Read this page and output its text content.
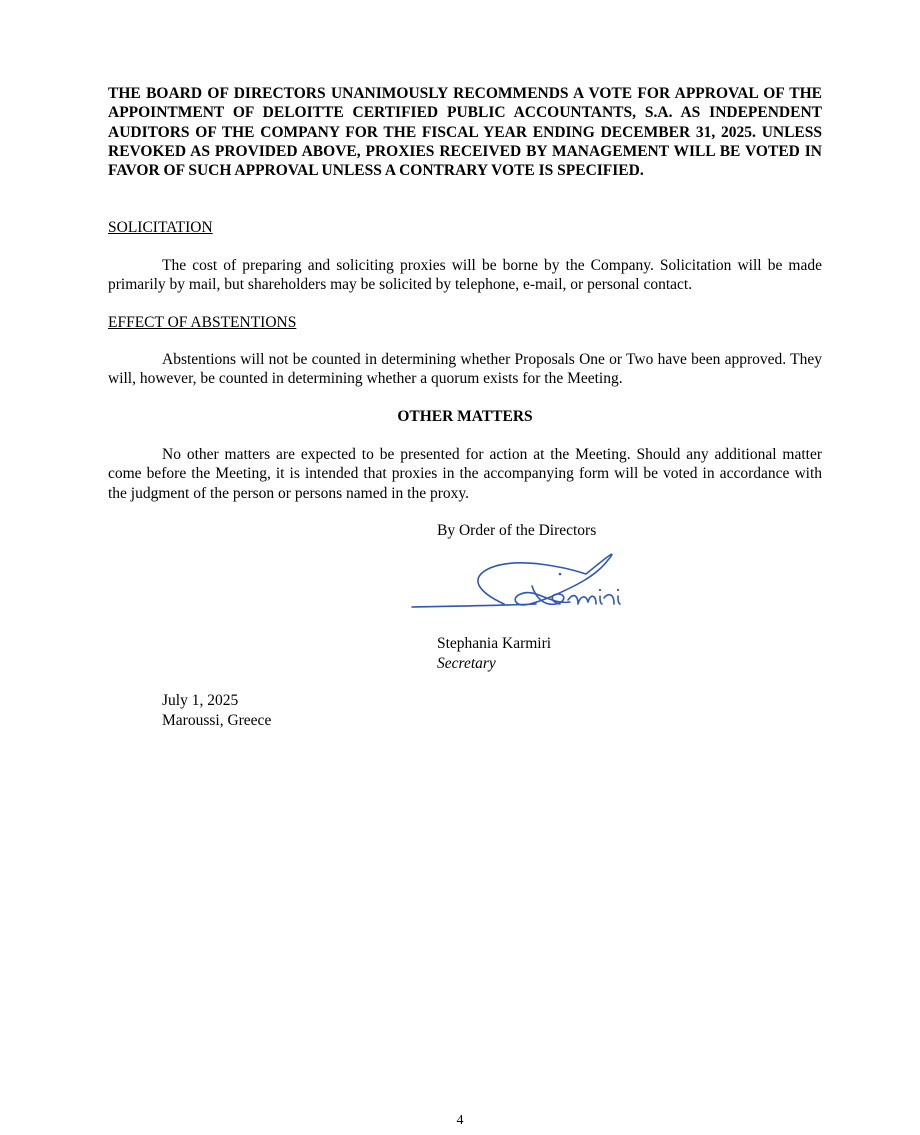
THE BOARD OF DIRECTORS UNANIMOUSLY RECOMMENDS A VOTE FOR APPROVAL OF THE APPOINTMENT OF DELOITTE CERTIFIED PUBLIC ACCOUNTANTS, S.A. AS INDEPENDENT AUDITORS OF THE COMPANY FOR THE FISCAL YEAR ENDING DECEMBER 31, 2025. UNLESS REVOKED AS PROVIDED ABOVE, PROXIES RECEIVED BY MANAGEMENT WILL BE VOTED IN FAVOR OF SUCH APPROVAL UNLESS A CONTRARY VOTE IS SPECIFIED.
SOLICITATION
The cost of preparing and soliciting proxies will be borne by the Company. Solicitation will be made primarily by mail, but shareholders may be solicited by telephone, e-mail, or personal contact.
EFFECT OF ABSTENTIONS
Abstentions will not be counted in determining whether Proposals One or Two have been approved. They will, however, be counted in determining whether a quorum exists for the Meeting.
OTHER MATTERS
No other matters are expected to be presented for action at the Meeting. Should any additional matter come before the Meeting, it is intended that proxies in the accompanying form will be voted in accordance with the judgment of the person or persons named in the proxy.
By Order of the Directors
Stephania Karmiri
Secretary
July 1, 2025
Maroussi, Greece
4
